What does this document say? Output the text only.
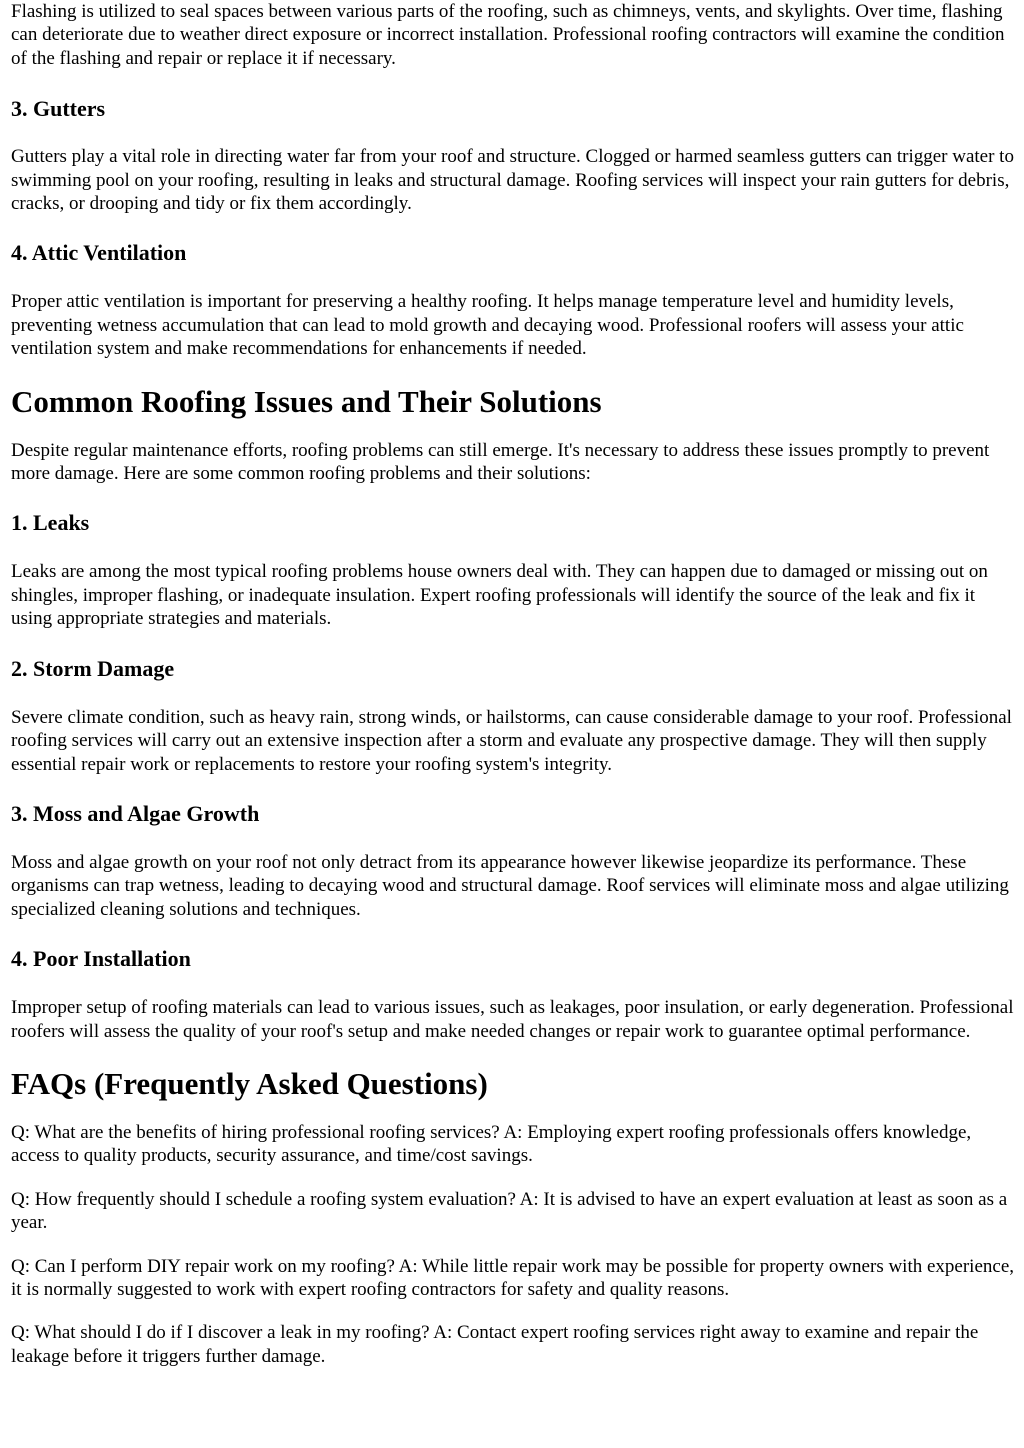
Flashing is utilized to seal spaces between various parts of the roofing, such as chimneys, vents, and skylights. Over time, flashing can deteriorate due to weather direct exposure or incorrect installation. Professional roofing contractors will examine the condition of the flashing and repair or replace it if necessary.

3. Gutters

Gutters play a vital role in directing water far from your roof and structure. Clogged or harmed seamless gutters can trigger water to swimming pool on your roofing, resulting in leaks and structural damage. Roofing services will inspect your rain gutters for debris, cracks, or drooping and tidy or fix them accordingly.

4. Attic Ventilation

Proper attic ventilation is important for preserving a healthy roofing. It helps manage temperature level and humidity levels, preventing wetness accumulation that can lead to mold growth and decaying wood. Professional roofers will assess your attic ventilation system and make recommendations for enhancements if needed.

Common Roofing Issues and Their Solutions

Despite regular maintenance efforts, roofing problems can still emerge. It's necessary to address these issues promptly to prevent more damage. Here are some common roofing problems and their solutions:

1. Leaks

Leaks are among the most typical roofing problems house owners deal with. They can happen due to damaged or missing out on shingles, improper flashing, or inadequate insulation. Expert roofing professionals will identify the source of the leak and fix it using appropriate strategies and materials.

2. Storm Damage

Severe climate condition, such as heavy rain, strong winds, or hailstorms, can cause considerable damage to your roof. Professional roofing services will carry out an extensive inspection after a storm and evaluate any prospective damage. They will then supply essential repair work or replacements to restore your roofing system's integrity.

3. Moss and Algae Growth

Moss and algae growth on your roof not only detract from its appearance however likewise jeopardize its performance. These organisms can trap wetness, leading to decaying wood and structural damage. Roof services will eliminate moss and algae utilizing specialized cleaning solutions and techniques.

4. Poor Installation

Improper setup of roofing materials can lead to various issues, such as leakages, poor insulation, or early degeneration. Professional roofers will assess the quality of your roof's setup and make needed changes or repair work to guarantee optimal performance.

FAQs (Frequently Asked Questions)

Q: What are the benefits of hiring professional roofing services? A: Employing expert roofing professionals offers knowledge, access to quality products, security assurance, and time/cost savings.

Q: How frequently should I schedule a roofing system evaluation? A: It is advised to have an expert evaluation at least as soon as a year.

Q: Can I perform DIY repair work on my roofing? A: While little repair work may be possible for property owners with experience, it is normally suggested to work with expert roofing contractors for safety and quality reasons.

Q: What should I do if I discover a leak in my roofing? A: Contact expert roofing services right away to examine and repair the leakage before it triggers further damage.
